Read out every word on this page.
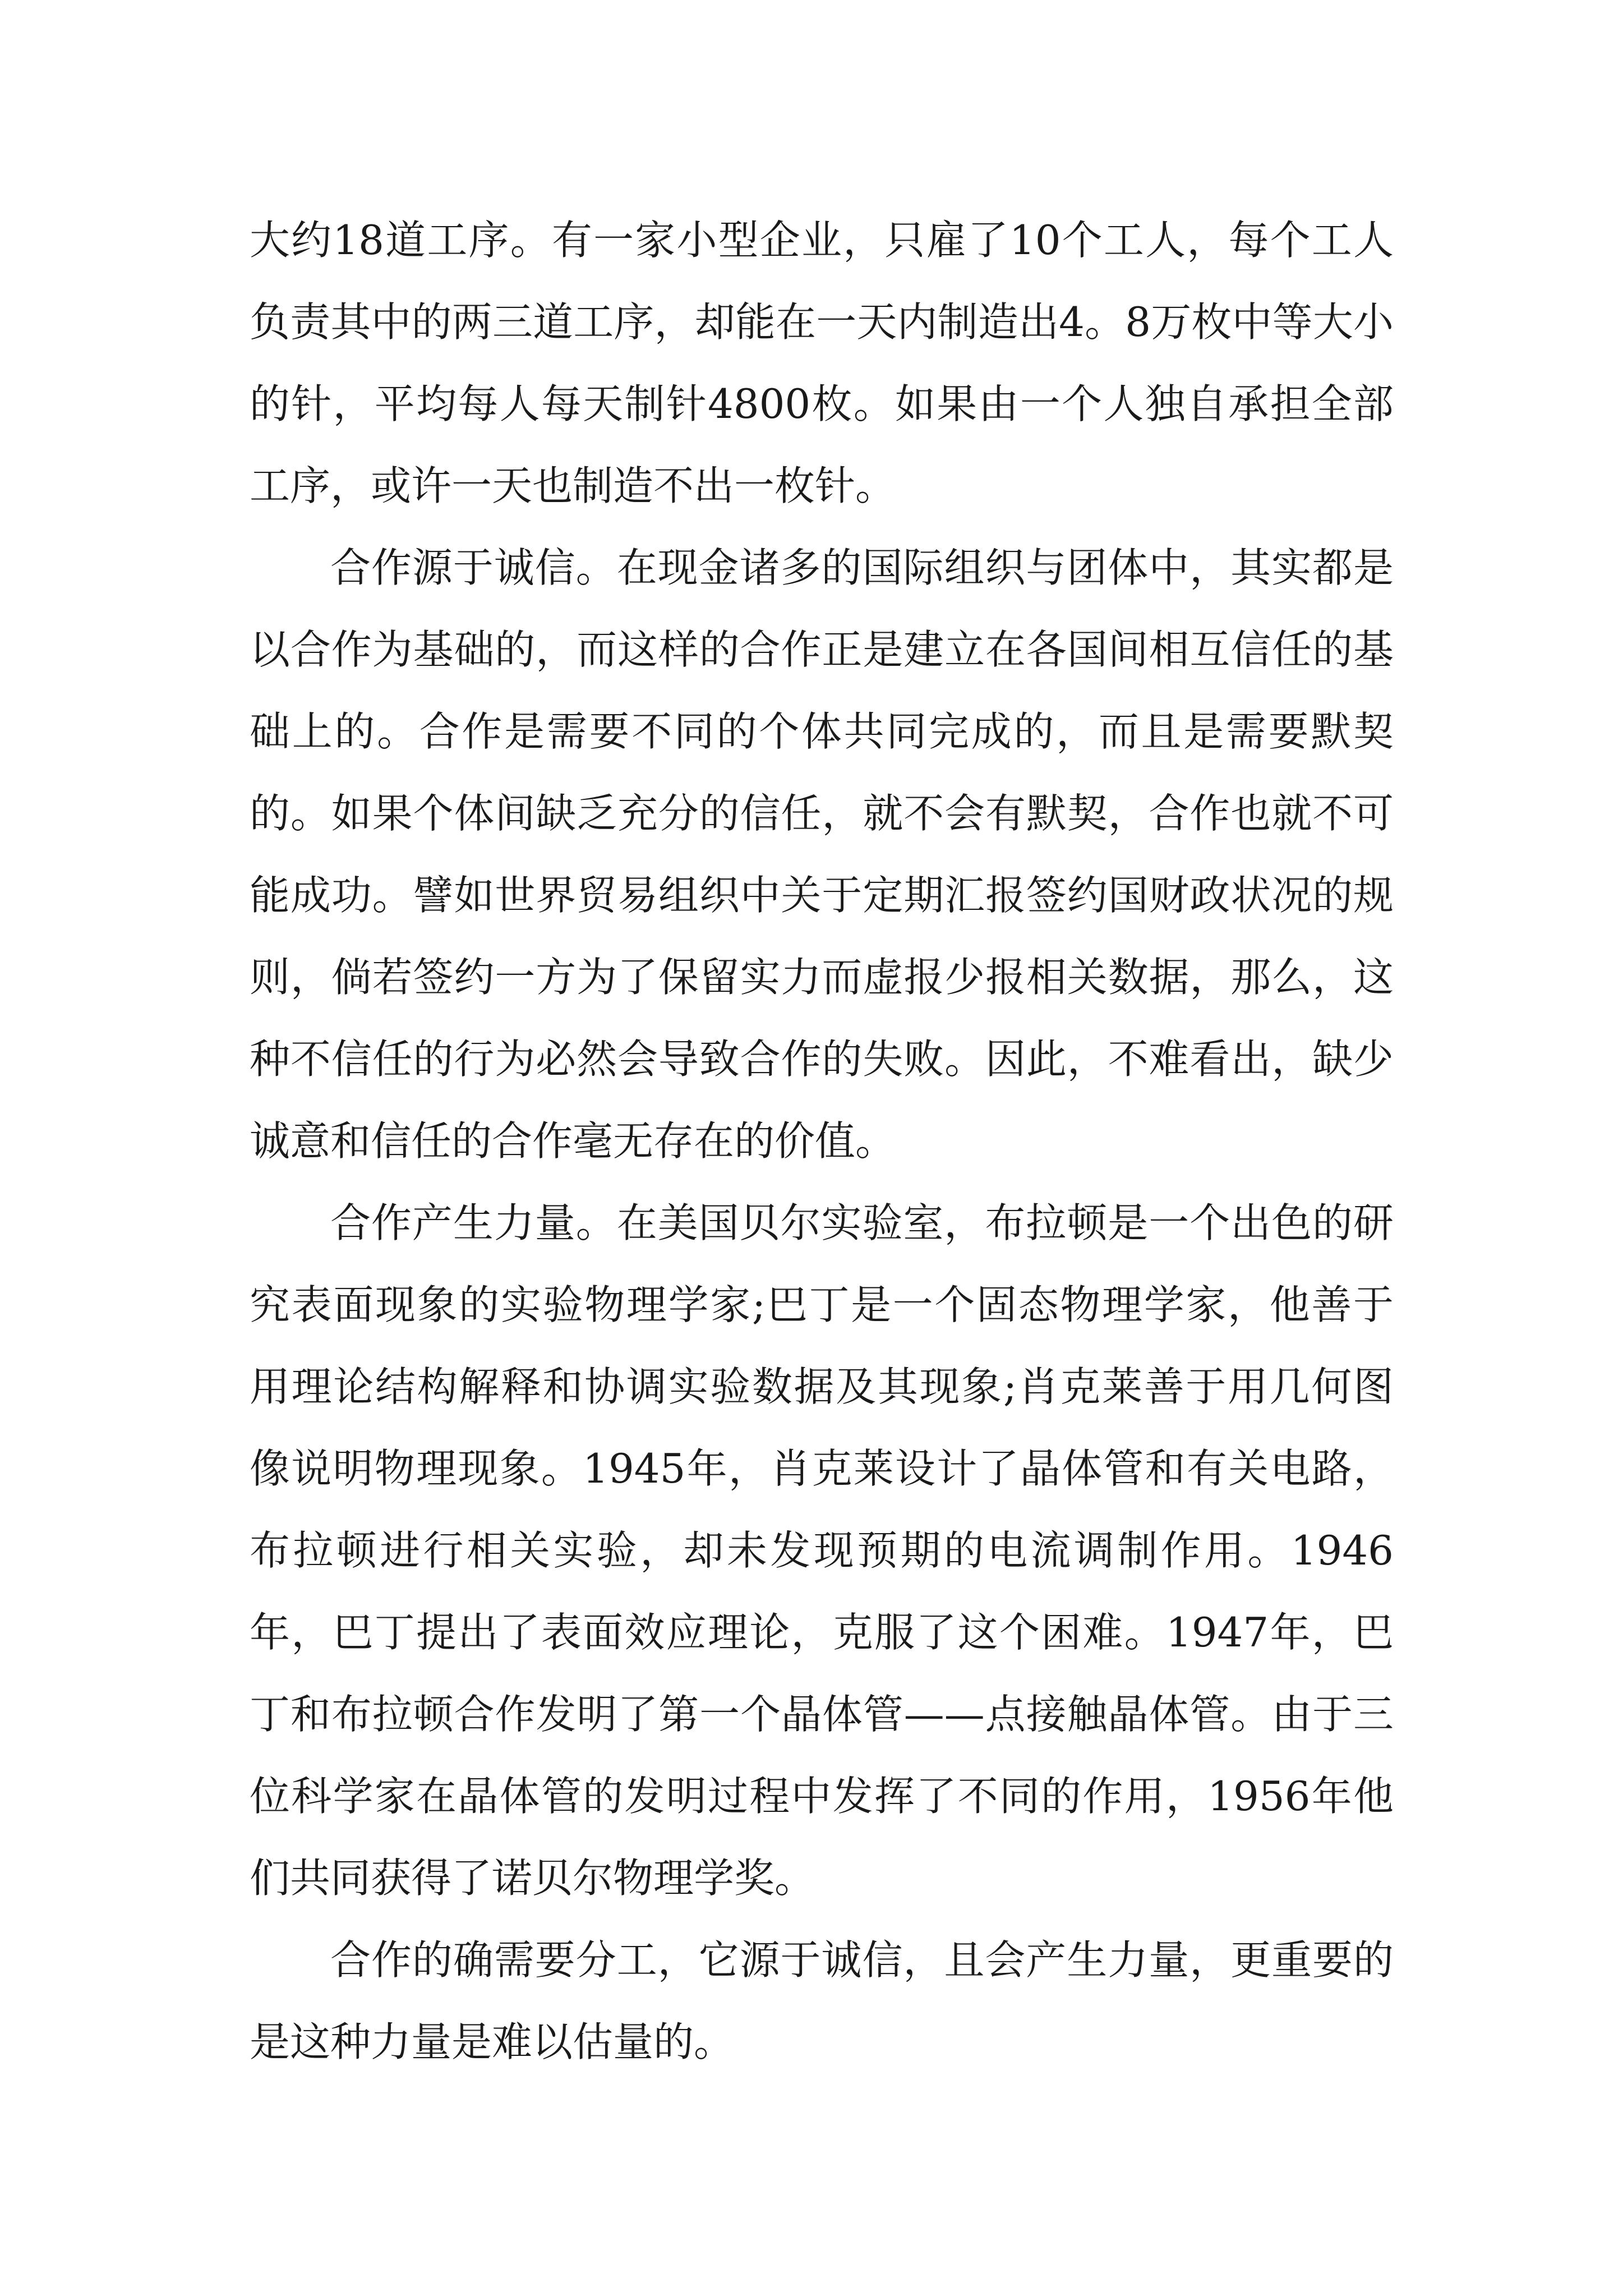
大约18道工序。有一家小型企业，只雇了10个工人，每个工人负责其中的两三道工序，却能在一天内制造出4。8万枚中等大小的针，平均每人每天制针4800枚。如果由一个人独自承担全部工序，或许一天也制造不出一枚针。

合作源于诚信。在现金诸多的国际组织与团体中，其实都是以合作为基础的，而这样的合作正是建立在各国间相互信任的基础上的。合作是需要不同的个体共同完成的，而且是需要默契的。如果个体间缺乏充分的信任，就不会有默契，合作也就不可能成功。譬如世界贸易组织中关于定期汇报签约国财政状况的规则，倘若签约一方为了保留实力而虚报少报相关数据，那么，这种不信任的行为必然会导致合作的失败。因此，不难看出，缺少诚意和信任的合作毫无存在的价值。

合作产生力量。在美国贝尔实验室，布拉顿是一个出色的研究表面现象的实验物理学家;巴丁是一个固态物理学家，他善于用理论结构解释和协调实验数据及其现象;肖克莱善于用几何图像说明物理现象。1945年，肖克莱设计了晶体管和有关电路，布拉顿进行相关实验，却未发现预期的电流调制作用。1946年，巴丁提出了表面效应理论，克服了这个困难。1947年，巴丁和布拉顿合作发明了第一个晶体管——点接触晶体管。由于三位科学家在晶体管的发明过程中发挥了不同的作用，1956年他们共同获得了诺贝尔物理学奖。

合作的确需要分工，它源于诚信，且会产生力量，更重要的是这种力量是难以估量的。
